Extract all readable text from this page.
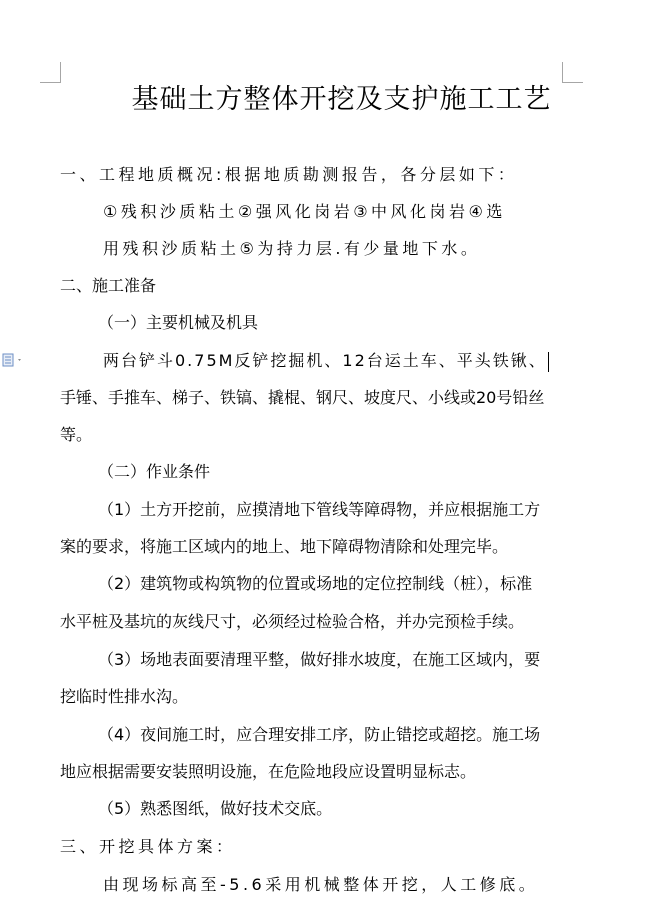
基础土方整体开挖及支护施工工艺
一、工程地质概况:根据地质勘测报告，各分层如下：
①残积沙质粘土②强风化岗岩③中风化岗岩④选
用残积沙质粘土⑤为持力层.有少量地下水。
二、施工准备
（一）主要机械及机具
两台铲斗0.75M反铲挖掘机、12台运土车、平头铁锹、
手锤、手推车、梯子、铁镐、撬棍、钢尺、坡度尺、小线或20号铅丝
等。
（二）作业条件
（1）土方开挖前，应摸清地下管线等障碍物，并应根据施工方
案的要求，将施工区域内的地上、地下障碍物清除和处理完毕。
（2）建筑物或构筑物的位置或场地的定位控制线（桩），标准
水平桩及基坑的灰线尺寸，必须经过检验合格，并办完预检手续。
（3）场地表面要清理平整，做好排水坡度，在施工区域内，要
挖临时性排水沟。
（4）夜间施工时，应合理安排工序，防止错挖或超挖。施工场
地应根据需要安装照明设施，在危险地段应设置明显标志。
（5）熟悉图纸，做好技术交底。
三、开挖具体方案：
由现场标高至-5.6采用机械整体开挖，人工修底。
